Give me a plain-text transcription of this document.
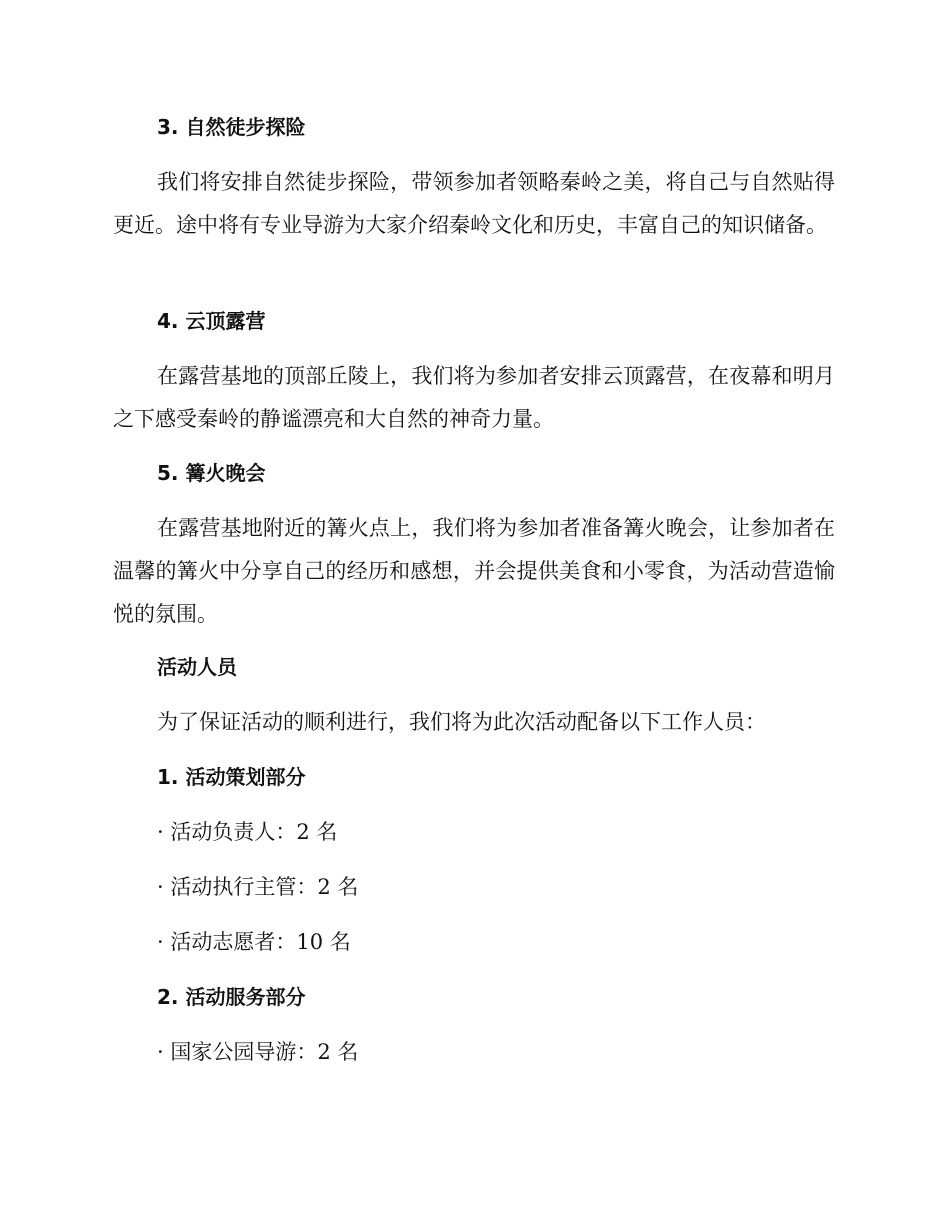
3. 自然徒步探险
我们将安排自然徒步探险，带领参加者领略秦岭之美，将自己与自然贴得更近。途中将有专业导游为大家介绍秦岭文化和历史，丰富自己的知识储备。
4. 云顶露营
在露营基地的顶部丘陵上，我们将为参加者安排云顶露营，在夜幕和明月之下感受秦岭的静谧漂亮和大自然的神奇力量。
5. 篝火晚会
在露营基地附近的篝火点上，我们将为参加者准备篝火晚会，让参加者在温馨的篝火中分享自己的经历和感想，并会提供美食和小零食，为活动营造愉悦的氛围。
活动人员
为了保证活动的顺利进行，我们将为此次活动配备以下工作人员：
1. 活动策划部分
· 活动负责人：2 名
· 活动执行主管：2 名
· 活动志愿者：10 名
2. 活动服务部分
· 国家公园导游：2 名
